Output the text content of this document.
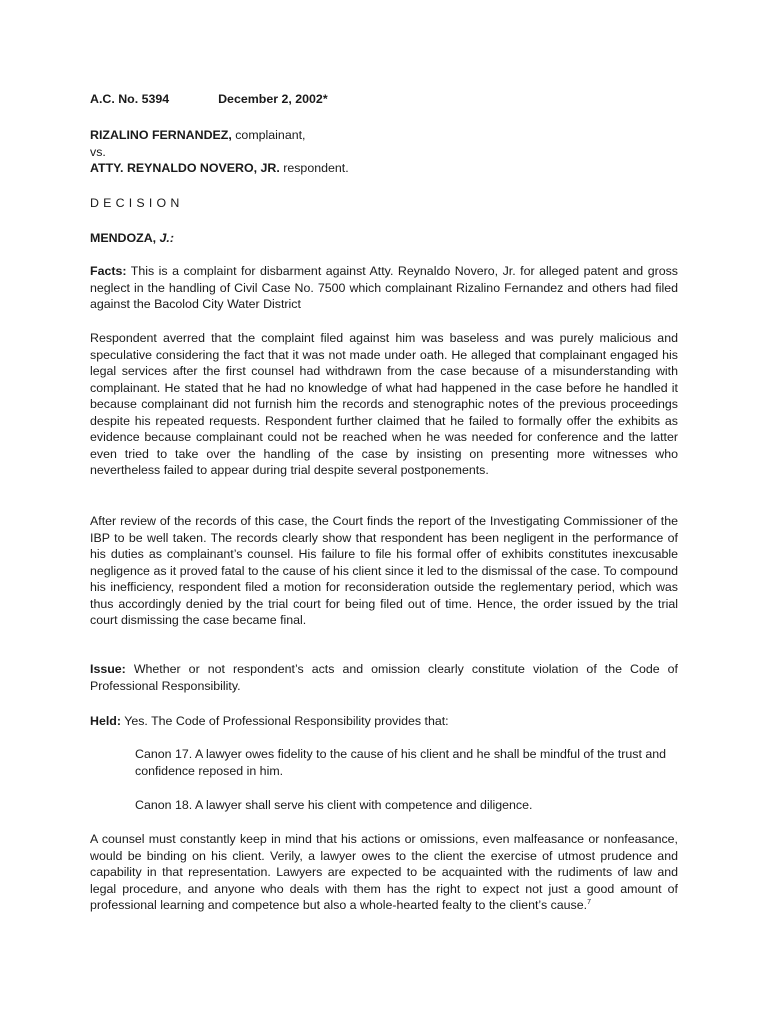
A.C. No. 5394	December 2, 2002*

RIZALINO FERNANDEZ, complainant,
vs.
ATTY. REYNALDO NOVERO, JR. respondent.

DECISION

MENDOZA, J.:

Facts: This is a complaint for disbarment against Atty. Reynaldo Novero, Jr. for alleged patent and gross neglect in the handling of Civil Case No. 7500 which complainant Rizalino Fernandez and others had filed against the Bacolod City Water District

Respondent averred that the complaint filed against him was baseless and was purely malicious and speculative considering the fact that it was not made under oath. He alleged that complainant engaged his legal services after the first counsel had withdrawn from the case because of a misunderstanding with complainant. He stated that he had no knowledge of what had happened in the case before he handled it because complainant did not furnish him the records and stenographic notes of the previous proceedings despite his repeated requests. Respondent further claimed that he failed to formally offer the exhibits as evidence because complainant could not be reached when he was needed for conference and the latter even tried to take over the handling of the case by insisting on presenting more witnesses who nevertheless failed to appear during trial despite several postponements.

After review of the records of this case, the Court finds the report of the Investigating Commissioner of the IBP to be well taken. The records clearly show that respondent has been negligent in the performance of his duties as complainant’s counsel. His failure to file his formal offer of exhibits constitutes inexcusable negligence as it proved fatal to the cause of his client since it led to the dismissal of the case. To compound his inefficiency, respondent filed a motion for reconsideration outside the reglementary period, which was thus accordingly denied by the trial court for being filed out of time. Hence, the order issued by the trial court dismissing the case became final.

Issue: Whether or not respondent’s acts and omission clearly constitute violation of the Code of Professional Responsibility.

Held: Yes. The Code of Professional Responsibility provides that:

Canon 17. A lawyer owes fidelity to the cause of his client and he shall be mindful of the trust and confidence reposed in him.

Canon 18. A lawyer shall serve his client with competence and diligence.

A counsel must constantly keep in mind that his actions or omissions, even malfeasance or nonfeasance, would be binding on his client. Verily, a lawyer owes to the client the exercise of utmost prudence and capability in that representation. Lawyers are expected to be acquainted with the rudiments of law and legal procedure, and anyone who deals with them has the right to expect not just a good amount of professional learning and competence but also a whole-hearted fealty to the client’s cause.$^7$
